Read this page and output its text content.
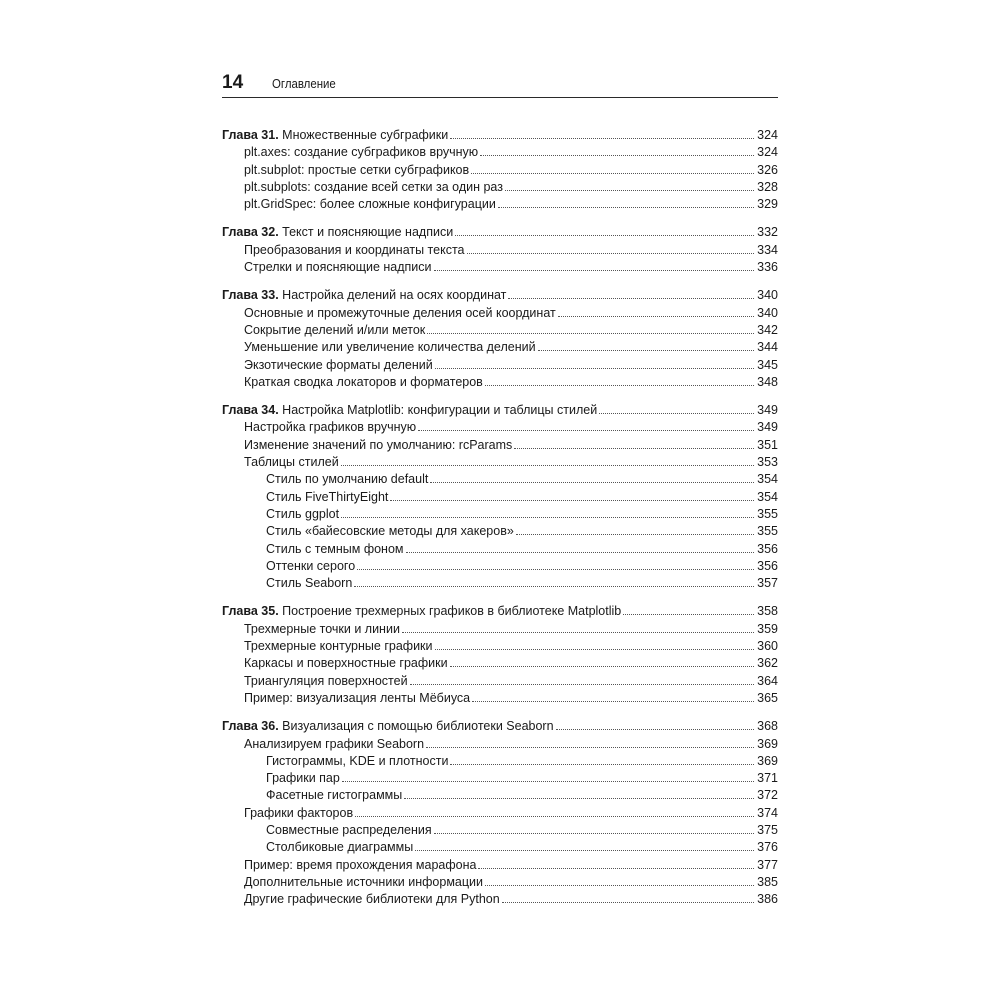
14 Оглавление
Глава 31. Множественные субграфики	324
plt.axes: создание субграфиков вручную	324
plt.subplot: простые сетки субграфиков	326
plt.subplots: создание всей сетки за один раз	328
plt.GridSpec: более сложные конфигурации	329
Глава 32. Текст и поясняющие надписи	332
Преобразования и координаты текста	334
Стрелки и поясняющие надписи	336
Глава 33. Настройка делений на осях координат	340
Основные и промежуточные деления осей координат	340
Сокрытие делений и/или меток	342
Уменьшение или увеличение количества делений	344
Экзотические форматы делений	345
Краткая сводка локаторов и форматеров	348
Глава 34. Настройка Matplotlib: конфигурации и таблицы стилей	349
Настройка графиков вручную	349
Изменение значений по умолчанию: rcParams	351
Таблицы стилей	353
Стиль по умолчанию default	354
Стиль FiveThirtyEight	354
Стиль ggplot	355
Стиль «байесовские методы для хакеров»	355
Стиль с темным фоном	356
Оттенки серого	356
Стиль Seaborn	357
Глава 35. Построение трехмерных графиков в библиотеке Matplotlib	358
Трехмерные точки и линии	359
Трехмерные контурные графики	360
Каркасы и поверхностные графики	362
Триангуляция поверхностей	364
Пример: визуализация ленты Мёбиуса	365
Глава 36. Визуализация с помощью библиотеки Seaborn	368
Анализируем графики Seaborn	369
Гистограммы, KDE и плотности	369
Графики пар	371
Фасетные гистограммы	372
Графики факторов	374
Совместные распределения	375
Столбиковые диаграммы	376
Пример: время прохождения марафона	377
Дополнительные источники информации	385
Другие графические библиотеки для Python	386
